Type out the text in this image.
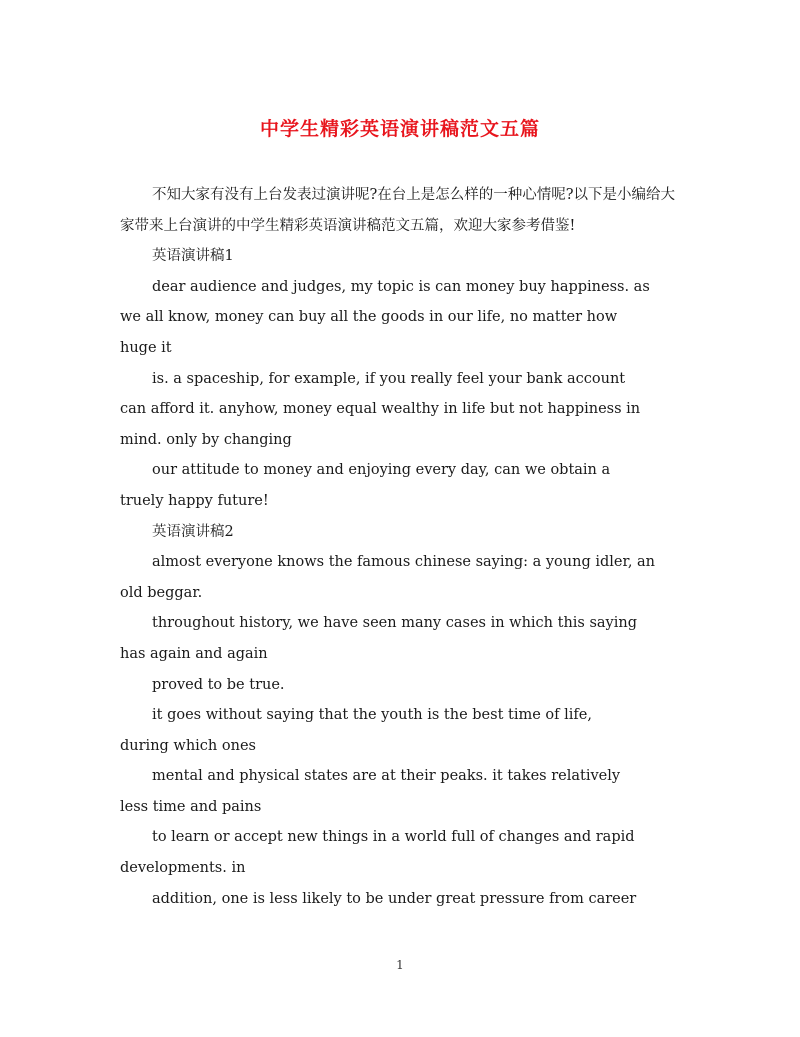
中学生精彩英语演讲稿范文五篇

不知大家有没有上台发表过演讲呢?在台上是怎么样的一种心情呢?以下是小编给大家带来上台演讲的中学生精彩英语演讲稿范文五篇，欢迎大家参考借鉴!

英语演讲稿1

dear audience and judges, my topic is can money buy happiness. as

we all know, money can buy all the goods in our life, no matter how

huge it

is. a spaceship, for example, if you really feel your bank account

can afford it. anyhow, money equal wealthy in life but not happiness in

mind. only by changing

our attitude to money and enjoying every day, can we obtain a

truely happy future!

英语演讲稿2

almost everyone knows the famous chinese saying: a young idler, an

old beggar.

throughout history, we have seen many cases in which this saying

has again and again

proved to be true.

it goes without saying that the youth is the best time of life,

during which ones

mental and physical states are at their peaks. it takes relatively

less time and pains

to learn or accept new things in a world full of changes and rapid

developments. in

addition, one is less likely to be under great pressure from career

1
